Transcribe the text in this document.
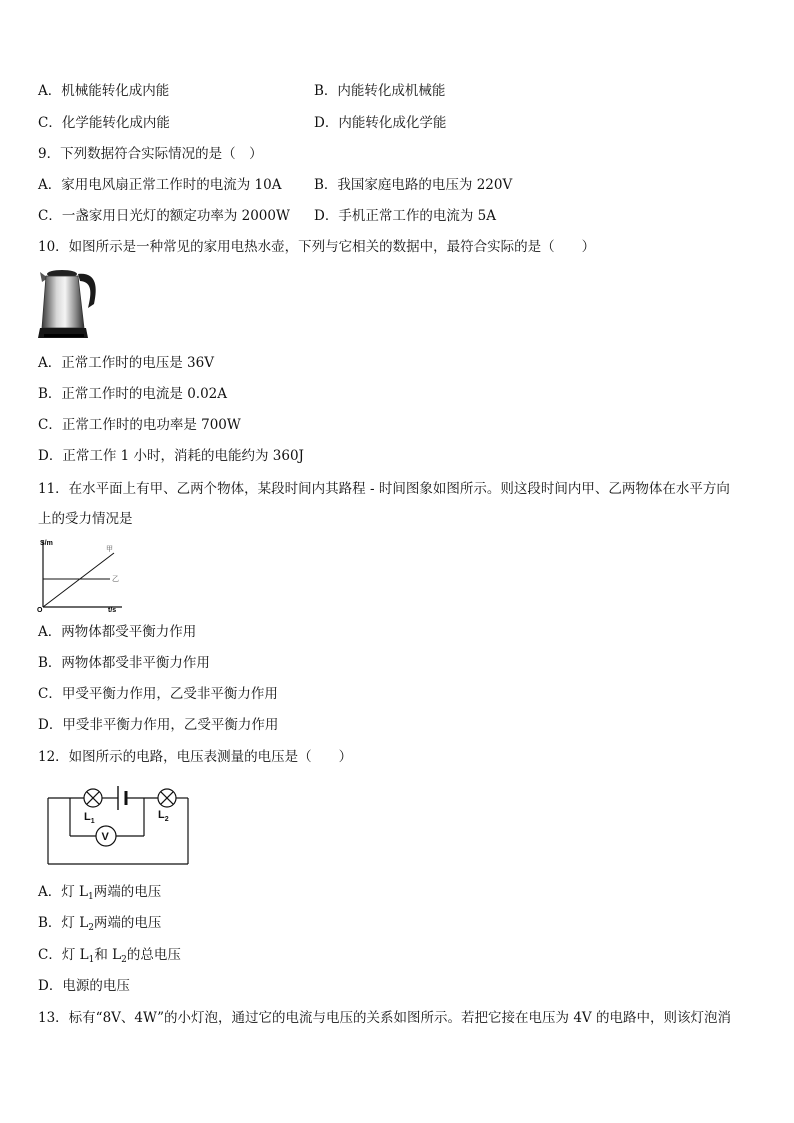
A．机械能转化成内能	B．内能转化成机械能
C．化学能转化成内能	D．内能转化成化学能
9．下列数据符合实际情况的是（　）
A．家用电风扇正常工作时的电流为 10A B．我国家庭电路的电压为 220V
C．一盏家用日光灯的额定功率为 2000W D．手机正常工作的电流为 5A
10．如图所示是一种常见的家用电热水壶，下列与它相关的数据中，最符合实际的是（　　）
A．正常工作时的电压是 36V
B．正常工作时的电流是 0.02A
C．正常工作时的电功率是 700W
D．正常工作 1 小时，消耗的电能约为 360J
11．在水平面上有甲、乙两个物体，某段时间内其路程 - 时间图象如图所示。则这段时间内甲、乙两物体在水平方向
上的受力情况是
S/m
t/s
O
甲
乙
A．两物体都受平衡力作用
B．两物体都受非平衡力作用
C．甲受平衡力作用，乙受非平衡力作用
D．甲受非平衡力作用，乙受平衡力作用
12．如图所示的电路，电压表测量的电压是（　　）
V
$L_1$
$L_2$
A．灯 $L_1$两端的电压
B．灯 $L_2$两端的电压
C．灯 $L_1$和 $L_2$的总电压
D．电源的电压
13．标有“8V、4W”的小灯泡，通过它的电流与电压的关系如图所示。若把它接在电压为 4V 的电路中，则该灯泡消
